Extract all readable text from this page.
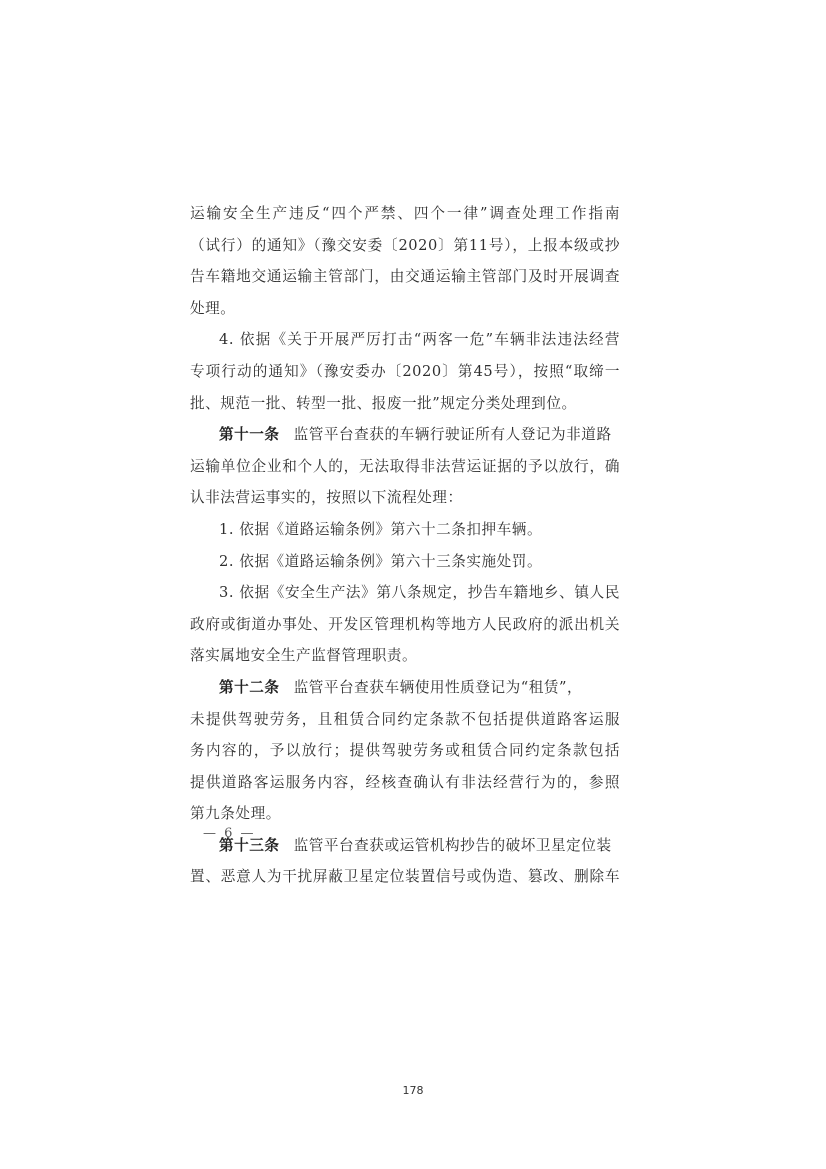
运输安全生产违反“四个严禁、四个一律”调查处理工作指南
（试行）的通知》（豫交安委〔2020〕第11号），上报本级或抄
告车籍地交通运输主管部门，由交通运输主管部门及时开展调查
处理。
4. 依据《关于开展严厉打击“两客一危”车辆非法违法经营
专项行动的通知》（豫安委办〔2020〕第45号），按照“取缔一
批、规范一批、转型一批、报废一批”规定分类处理到位。
第十一条 监管平台查获的车辆行驶证所有人登记为非道路
运输单位企业和个人的，无法取得非法营运证据的予以放行，确
认非法营运事实的，按照以下流程处理：
1. 依据《道路运输条例》第六十二条扣押车辆。
2. 依据《道路运输条例》第六十三条实施处罚。
3. 依据《安全生产法》第八条规定，抄告车籍地乡、镇人民
政府或街道办事处、开发区管理机构等地方人民政府的派出机关
落实属地安全生产监督管理职责。
第十二条 监管平台查获车辆使用性质登记为“租赁”，
未提供驾驶劳务，且租赁合同约定条款不包括提供道路客运服
务内容的，予以放行；提供驾驶劳务或租赁合同约定条款包括
提供道路客运服务内容，经核查确认有非法经营行为的，参照
第九条处理。
第十三条 监管平台查获或运管机构抄告的破坏卫星定位装
置、恶意人为干扰屏蔽卫星定位装置信号或伪造、篡改、删除车
— 6 —
178
